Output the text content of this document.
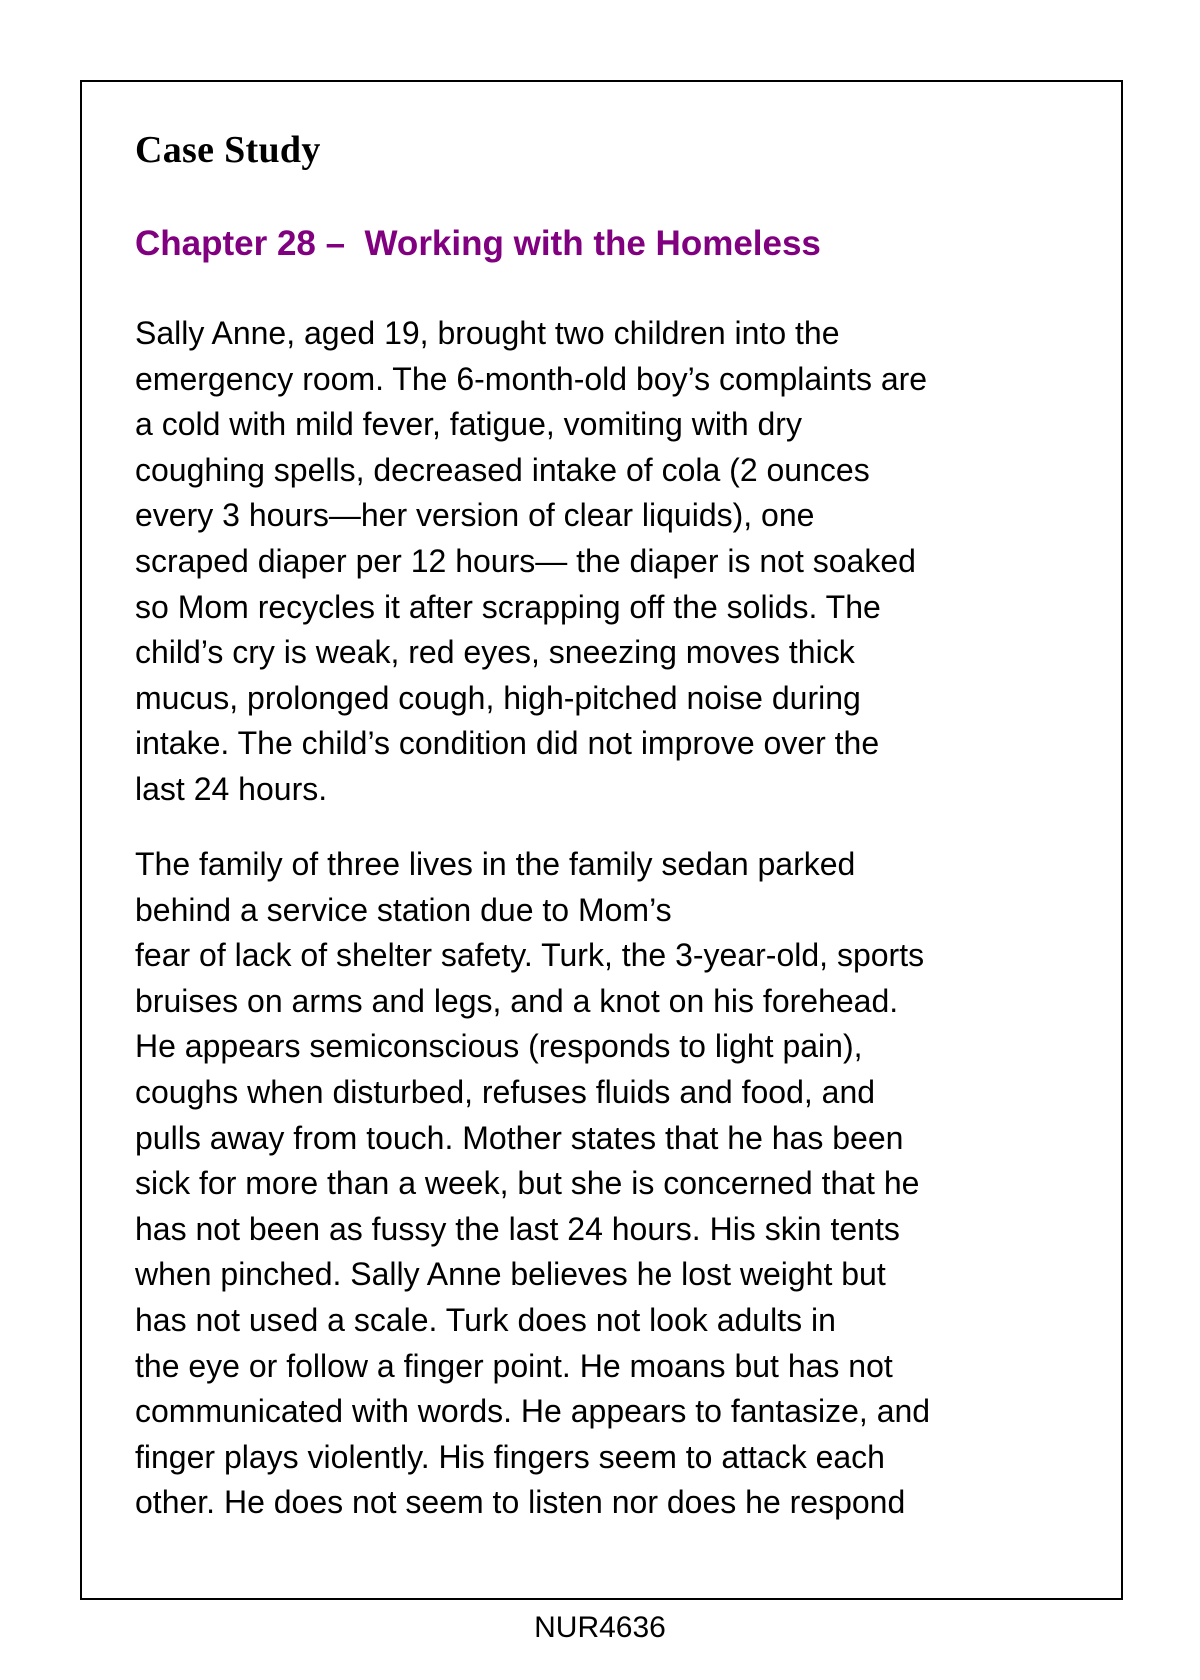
Case Study
Chapter 28 –  Working with the Homeless
Sally Anne, aged 19, brought two children into the
emergency room. The 6-month-old boy’s complaints are
a cold with mild fever, fatigue, vomiting with dry
coughing spells, decreased intake of cola (2 ounces
every 3 hours—her version of clear liquids), one
scraped diaper per 12 hours— the diaper is not soaked
so Mom recycles it after scrapping off the solids. The
child’s cry is weak, red eyes, sneezing moves thick
mucus, prolonged cough, high-pitched noise during
intake. The child’s condition did not improve over the
last 24 hours.
The family of three lives in the family sedan parked
behind a service station due to Mom’s
fear of lack of shelter safety. Turk, the 3-year-old, sports
bruises on arms and legs, and a knot on his forehead.
He appears semiconscious (responds to light pain),
coughs when disturbed, refuses fluids and food, and
pulls away from touch. Mother states that he has been
sick for more than a week, but she is concerned that he
has not been as fussy the last 24 hours. His skin tents
when pinched. Sally Anne believes he lost weight but
has not used a scale. Turk does not look adults in
the eye or follow a finger point. He moans but has not
communicated with words. He appears to fantasize, and
finger plays violently. His fingers seem to attack each
other. He does not seem to listen nor does he respond

NUR4636
